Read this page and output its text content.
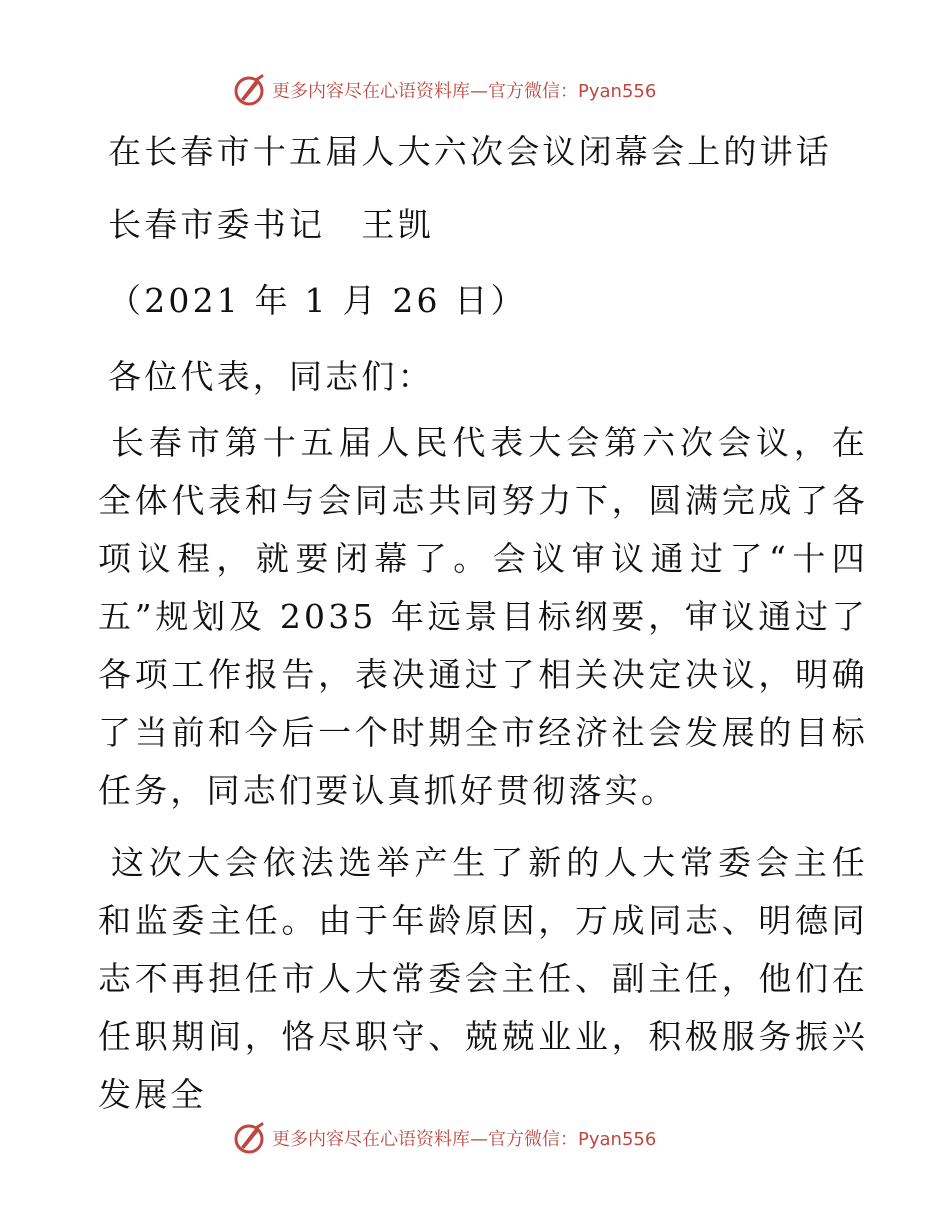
更多内容尽在心语资料库—官方微信：Pyan556
在长春市十五届人大六次会议闭幕会上的讲话
长春市委书记　王凯
（2021 年 1 月 26 日）
各位代表，同志们：
长春市第十五届人民代表大会第六次会议，在全体代表和与会同志共同努力下，圆满完成了各项议程，就要闭幕了。会议审议通过了“十四五”规划及 2035 年远景目标纲要，审议通过了各项工作报告，表决通过了相关决定决议，明确了当前和今后一个时期全市经济社会发展的目标任务，同志们要认真抓好贯彻落实。
这次大会依法选举产生了新的人大常委会主任和监委主任。由于年龄原因，万成同志、明德同志不再担任市人大常委会主任、副主任，他们在任职期间，恪尽职守、兢兢业业，积极服务振兴发展全
更多内容尽在心语资料库—官方微信：Pyan556
